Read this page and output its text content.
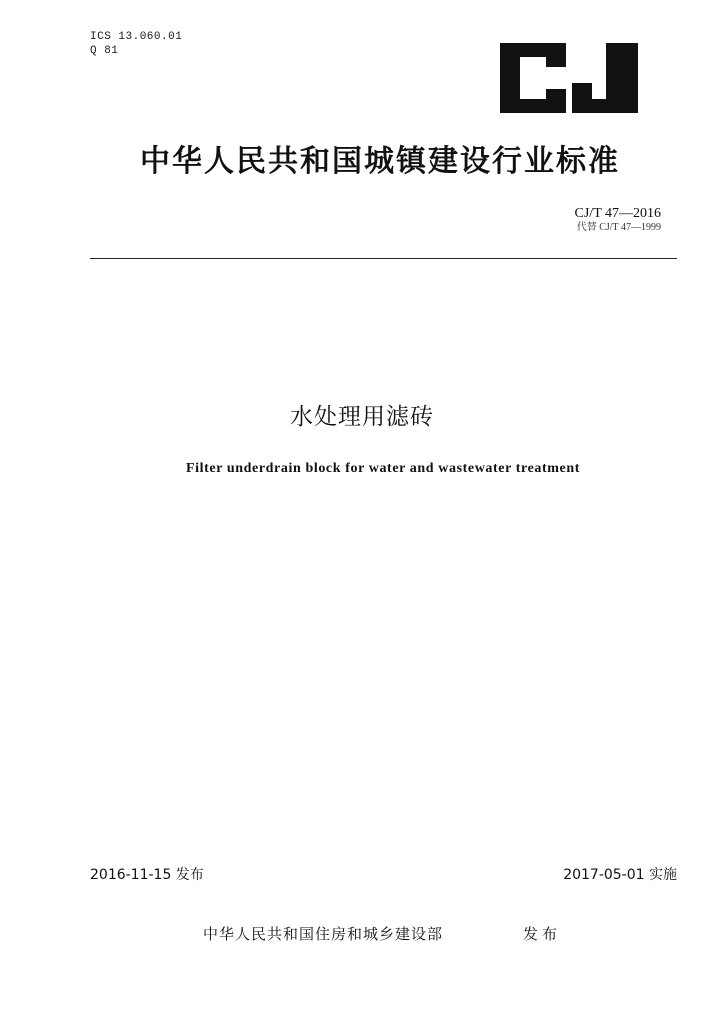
ICS 13.060.01
Q 81
中华人民共和国城镇建设行业标准
CJ/T 47—2016
代替 CJ/T 47—1999
水处理用滤砖
Filter underdrain block for water and wastewater treatment
2016-11-15 发布	2017-05-01 实施
中华人民共和国住房和城乡建设部	发布
